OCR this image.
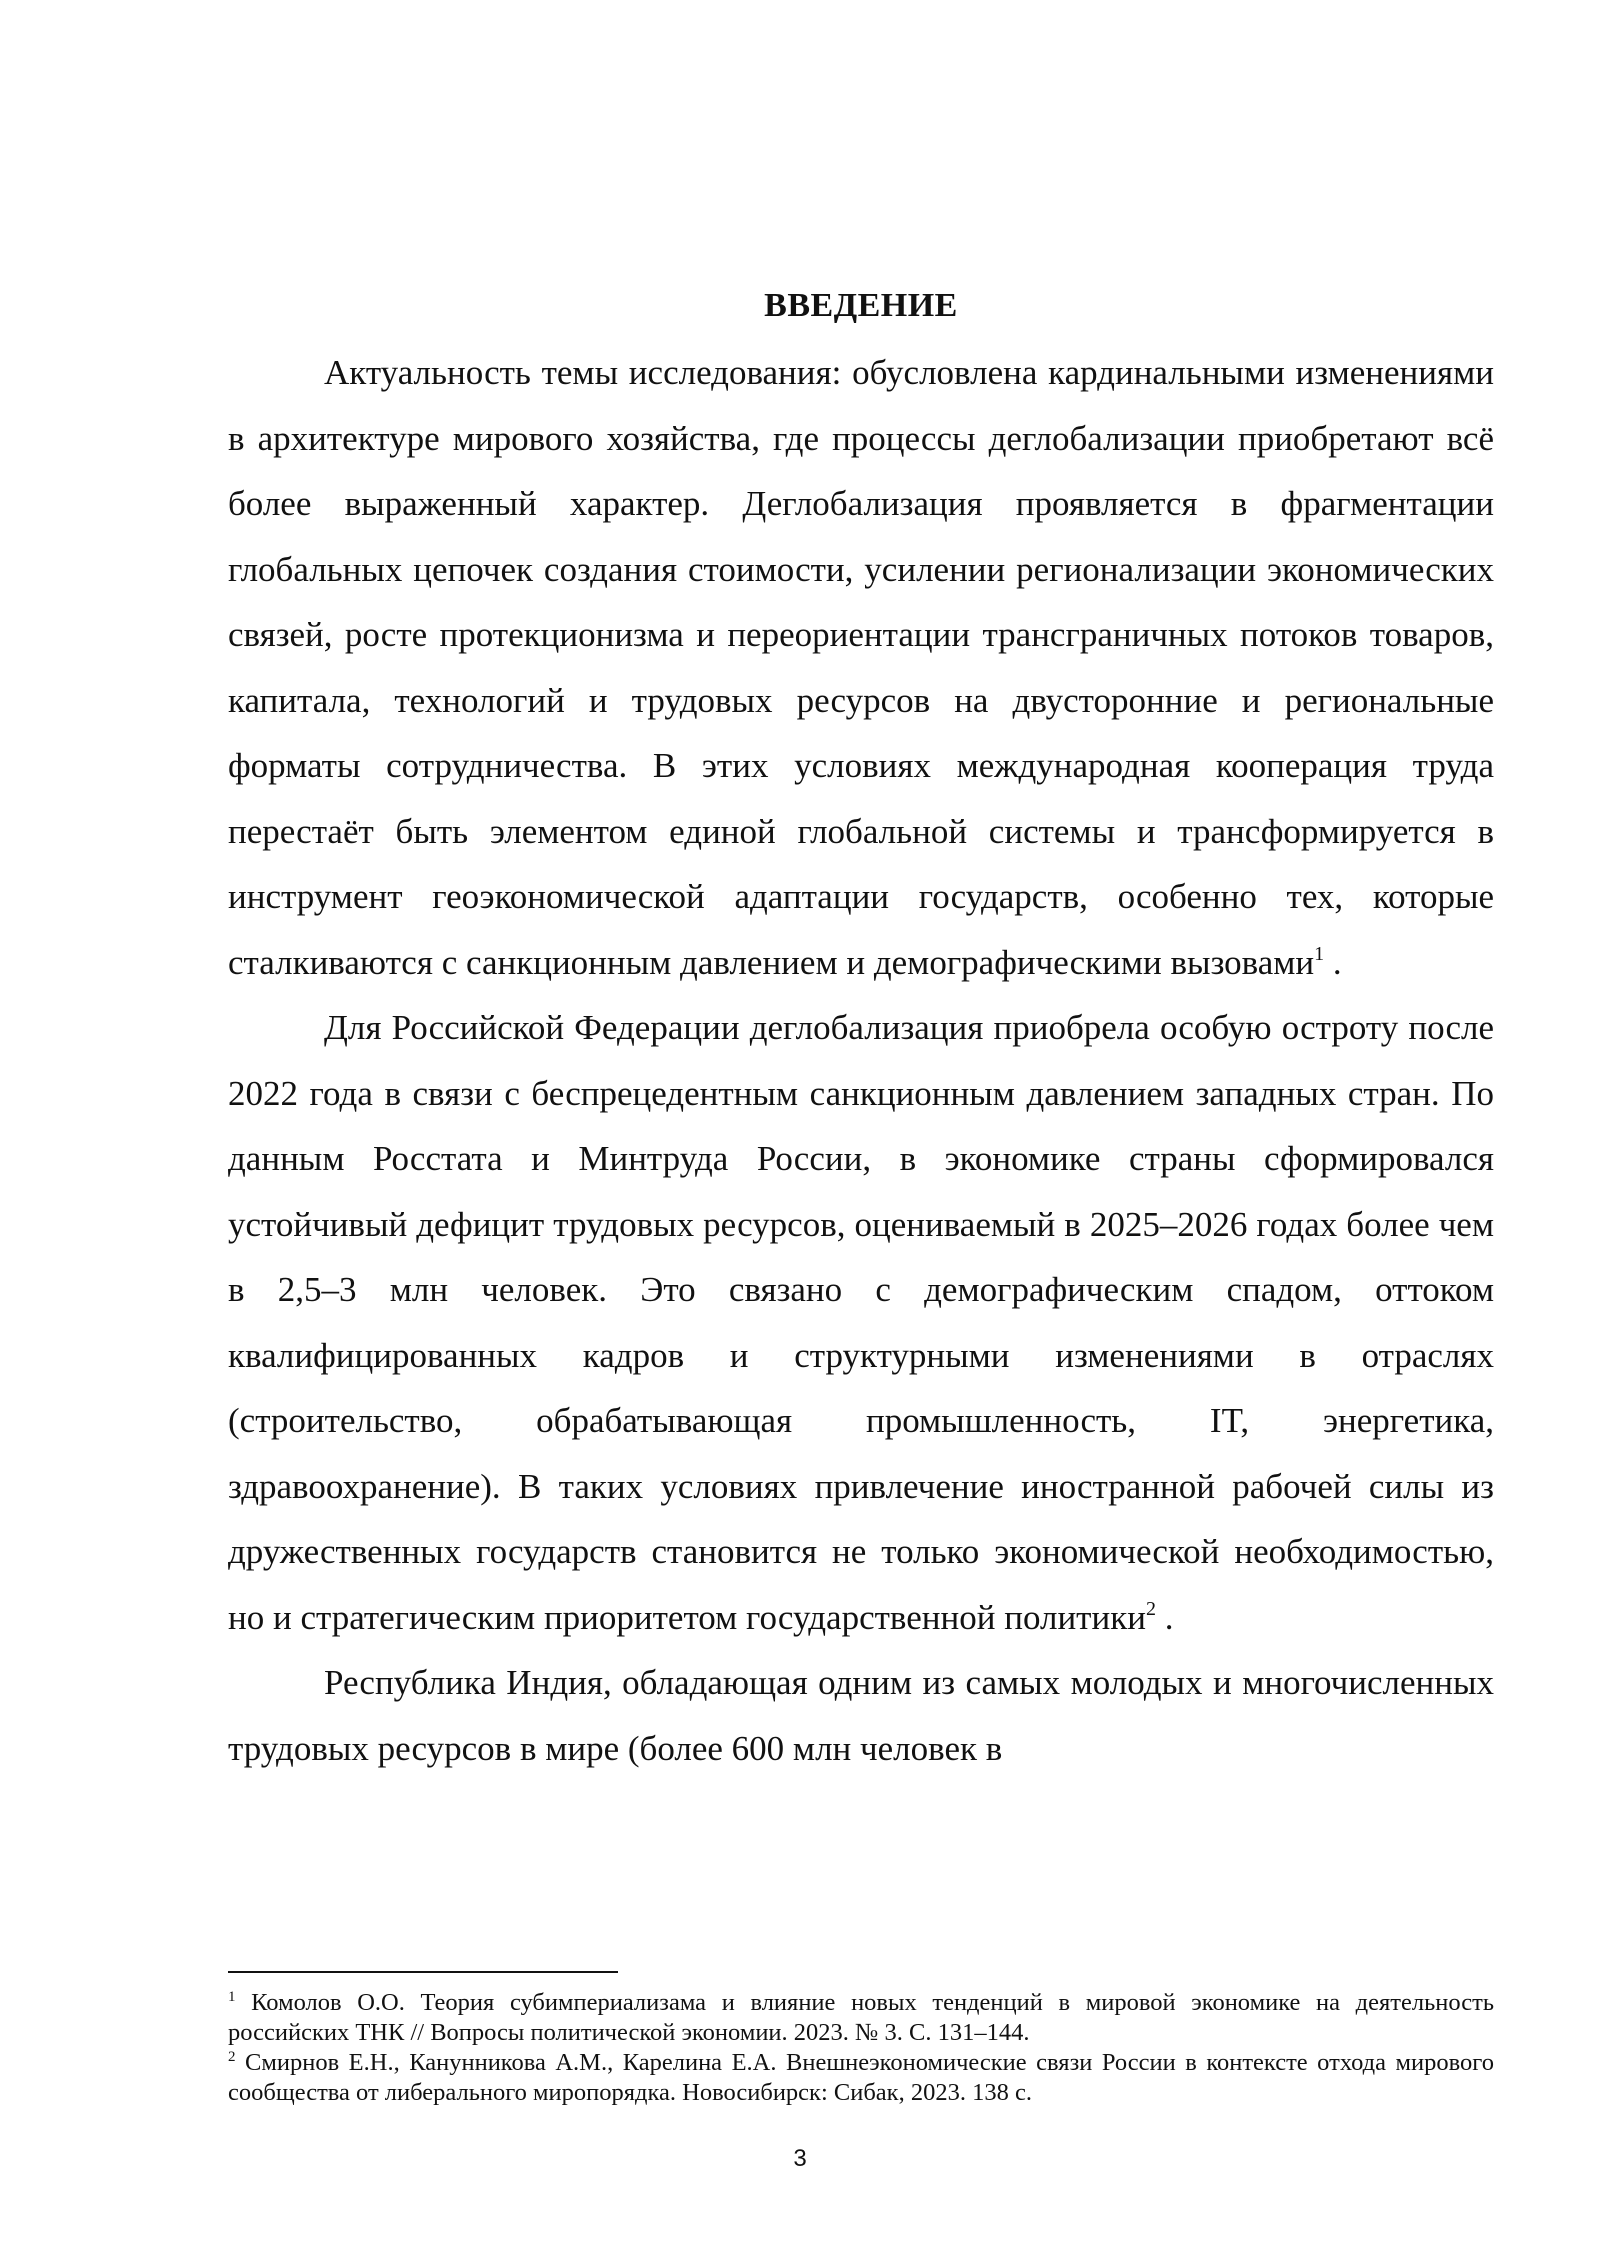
ВВЕДЕНИЕ

Актуальность темы исследования: обусловлена кардинальными изменениями в архитектуре мирового хозяйства, где процессы деглобализации приобретают всё более выраженный характер. Деглобализация проявляется в фрагментации глобальных цепочек создания стоимости, усилении регионализации экономических связей, росте протекционизма и переориентации трансграничных потоков товаров, капитала, технологий и трудовых ресурсов на двусторонние и региональные форматы сотрудничества. В этих условиях международная кооперация труда перестаёт быть элементом единой глобальной системы и трансформируется в инструмент геоэкономической адаптации государств, особенно тех, которые сталкиваются с санкционным давлением и демографическими вызовами$^1$ .

Для Российской Федерации деглобализация приобрела особую остроту после 2022 года в связи с беспрецедентным санкционным давлением западных стран. По данным Росстата и Минтруда России, в экономике страны сформировался устойчивый дефицит трудовых ресурсов, оцениваемый в 2025–2026 годах более чем в 2,5–3 млн человек. Это связано с демографическим спадом, оттоком квалифицированных кадров и структурными изменениями в отраслях (строительство, обрабатывающая промышленность, IT, энергетика, здравоохранение). В таких условиях привлечение иностранной рабочей силы из дружественных государств становится не только экономической необходимостью, но и стратегическим приоритетом государственной политики$^2$ .

Республика Индия, обладающая одним из самых молодых и многочисленных трудовых ресурсов в мире (более 600 млн человек в

$^1$ Комолов О.О. Теория субимпериализама и влияние новых тенденций в мировой экономике на деятельность российских ТНК // Вопросы политической экономии. 2023. № 3. С. 131–144.

$^2$ Смирнов Е.Н., Канунникова А.М., Карелина Е.А. Внешнеэкономические связи России в контексте отхода мирового сообщества от либерального миропорядка. Новосибирск: Сибак, 2023. 138 с.

3
